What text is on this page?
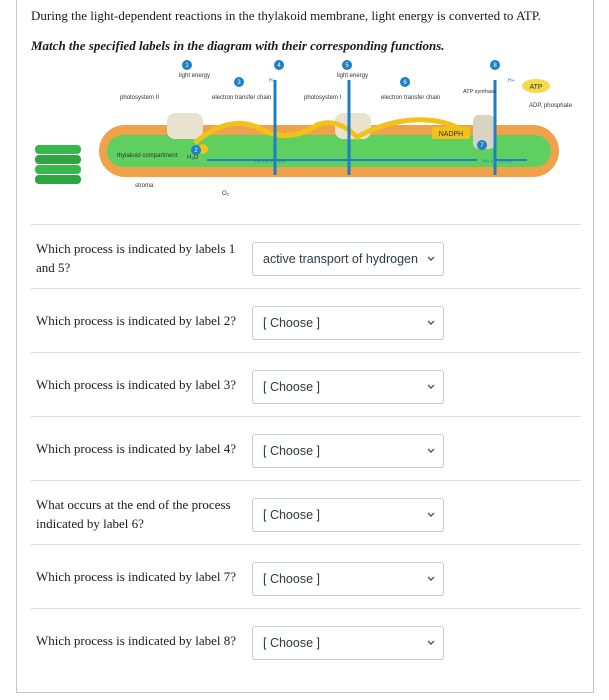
During the light-dependent reactions in the thylakoid membrane, light energy is converted to ATP.
Match the specified labels in the diagram with their corresponding functions.
NADPH
ATP
light energy	light energy
photosystem II	photosystem I
electron transfer chain	electron transfer chain
ATP synthase
ADP, phosphate
thylakoid compartment
stroma
H₂O
O₂
H+	H+
H+ H+ H+ H+	H+ H+ H+ H+
1
2
3
4	5
6
7
8
Which process is indicated by labels 1 and 5?
active transport of hydrogen
Which process is indicated by label 2?	[ Choose ]
Which process is indicated by label 3?	[ Choose ]
Which process is indicated by label 4?	[ Choose ]
What occurs at the end of the process indicated by label 6?
[ Choose ]
Which process is indicated by label 7?	[ Choose ]
Which process is indicated by label 8?	[ Choose ]
